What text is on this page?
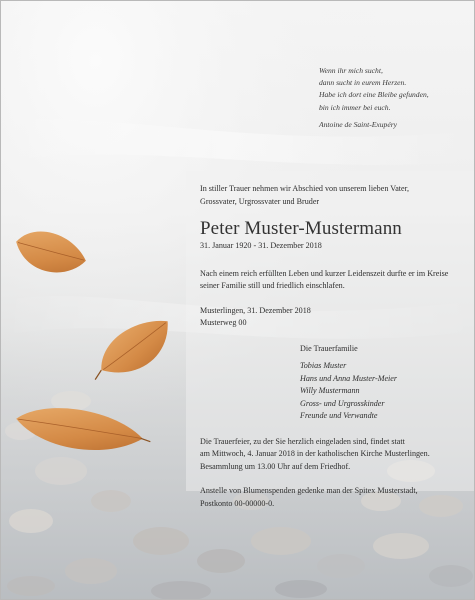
Wenn ihr mich sucht,
dann sucht in eurem Herzen.
Habe ich dort eine Bleibe gefunden,
bin ich immer bei euch.
Antoine de Saint-Exupéry

In stiller Trauer nehmen wir Abschied von unserem lieben Vater,
Grossvater, Urgrossvater und Bruder

Peter Muster-Mustermann

31. Januar 1920 - 31. Dezember 2018

Nach einem reich erfüllten Leben und kurzer Leidenszeit durfte er im Kreise
seiner Familie still und friedlich einschlafen.

Musterlingen, 31. Dezember 2018
Musterweg 00

Die Trauerfamilie

Tobias Muster
Hans und Anna Muster-Meier
Willy Mustermann
Gross- und Urgrosskinder
Freunde und Verwandte

Die Trauerfeier, zu der Sie herzlich eingeladen sind, findet statt
am Mittwoch, 4. Januar 2018 in der katholischen Kirche Musterlingen.
Besammlung um 13.00 Uhr auf dem Friedhof.

Anstelle von Blumenspenden gedenke man der Spitex Musterstadt,
Postkonto 00-00000-0.
